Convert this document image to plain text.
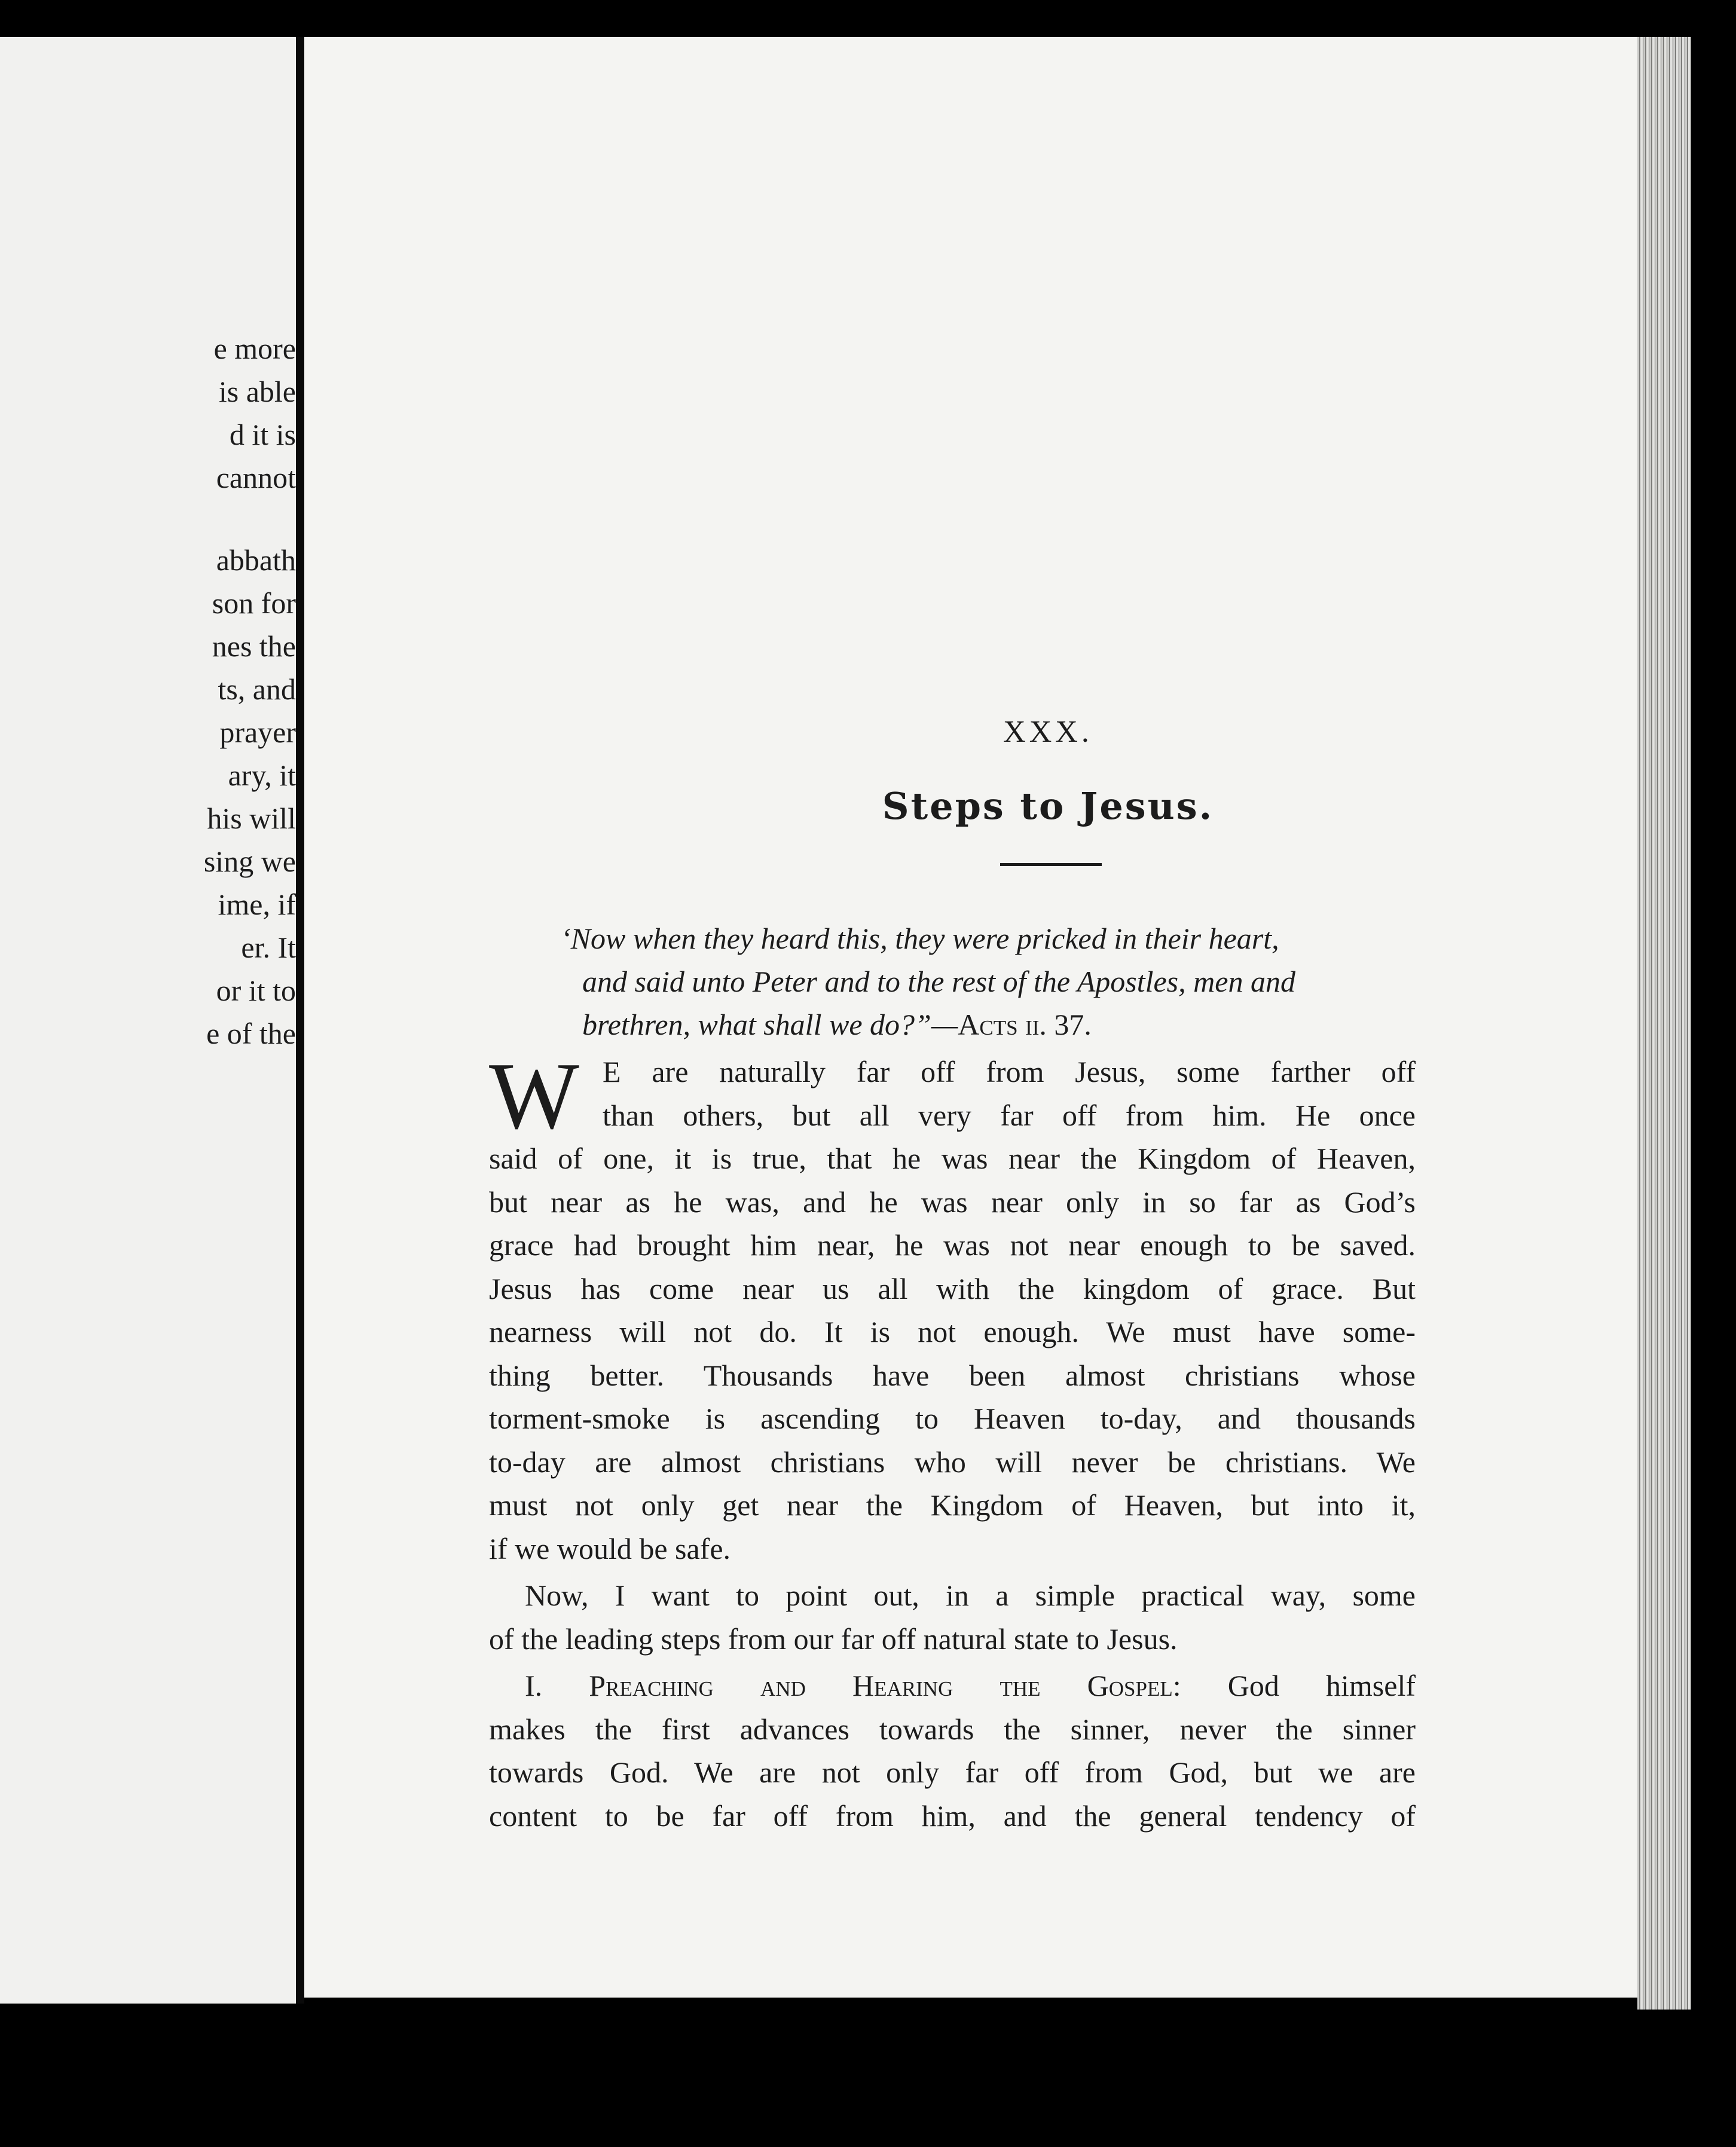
e more
is able
d it is
cannot
abbath
son for
nes the
ts, and
prayer
ary, it
his will
sing we
ime, if
er. It
or it to
e of the
XXX.
Steps to Jesus.
‘Now when they heard this, they were pricked in their heart,
and said unto Peter and to the rest of the Apostles, men and
brethren, what shall we do?”—Acts ii. 37.
W E are naturally far off from Jesus, some farther off
than others, but all very far off from him. He once
said of one, it is true, that he was near the Kingdom of Heaven,
but near as he was, and he was near only in so far as God’s
grace had brought him near, he was not near enough to be saved.
Jesus has come near us all with the kingdom of grace. But
nearness will not do. It is not enough. We must have some-
thing better. Thousands have been almost christians whose
torment-smoke is ascending to Heaven to-day, and thousands
to-day are almost christians who will never be christians. We
must not only get near the Kingdom of Heaven, but into it,
if we would be safe.
Now, I want to point out, in a simple practical way, some
of the leading steps from our far off natural state to Jesus.
I. Preaching and Hearing the Gospel: God himself
makes the first advances towards the sinner, never the sinner
towards God. We are not only far off from God, but we are
content to be far off from him, and the general tendency of
